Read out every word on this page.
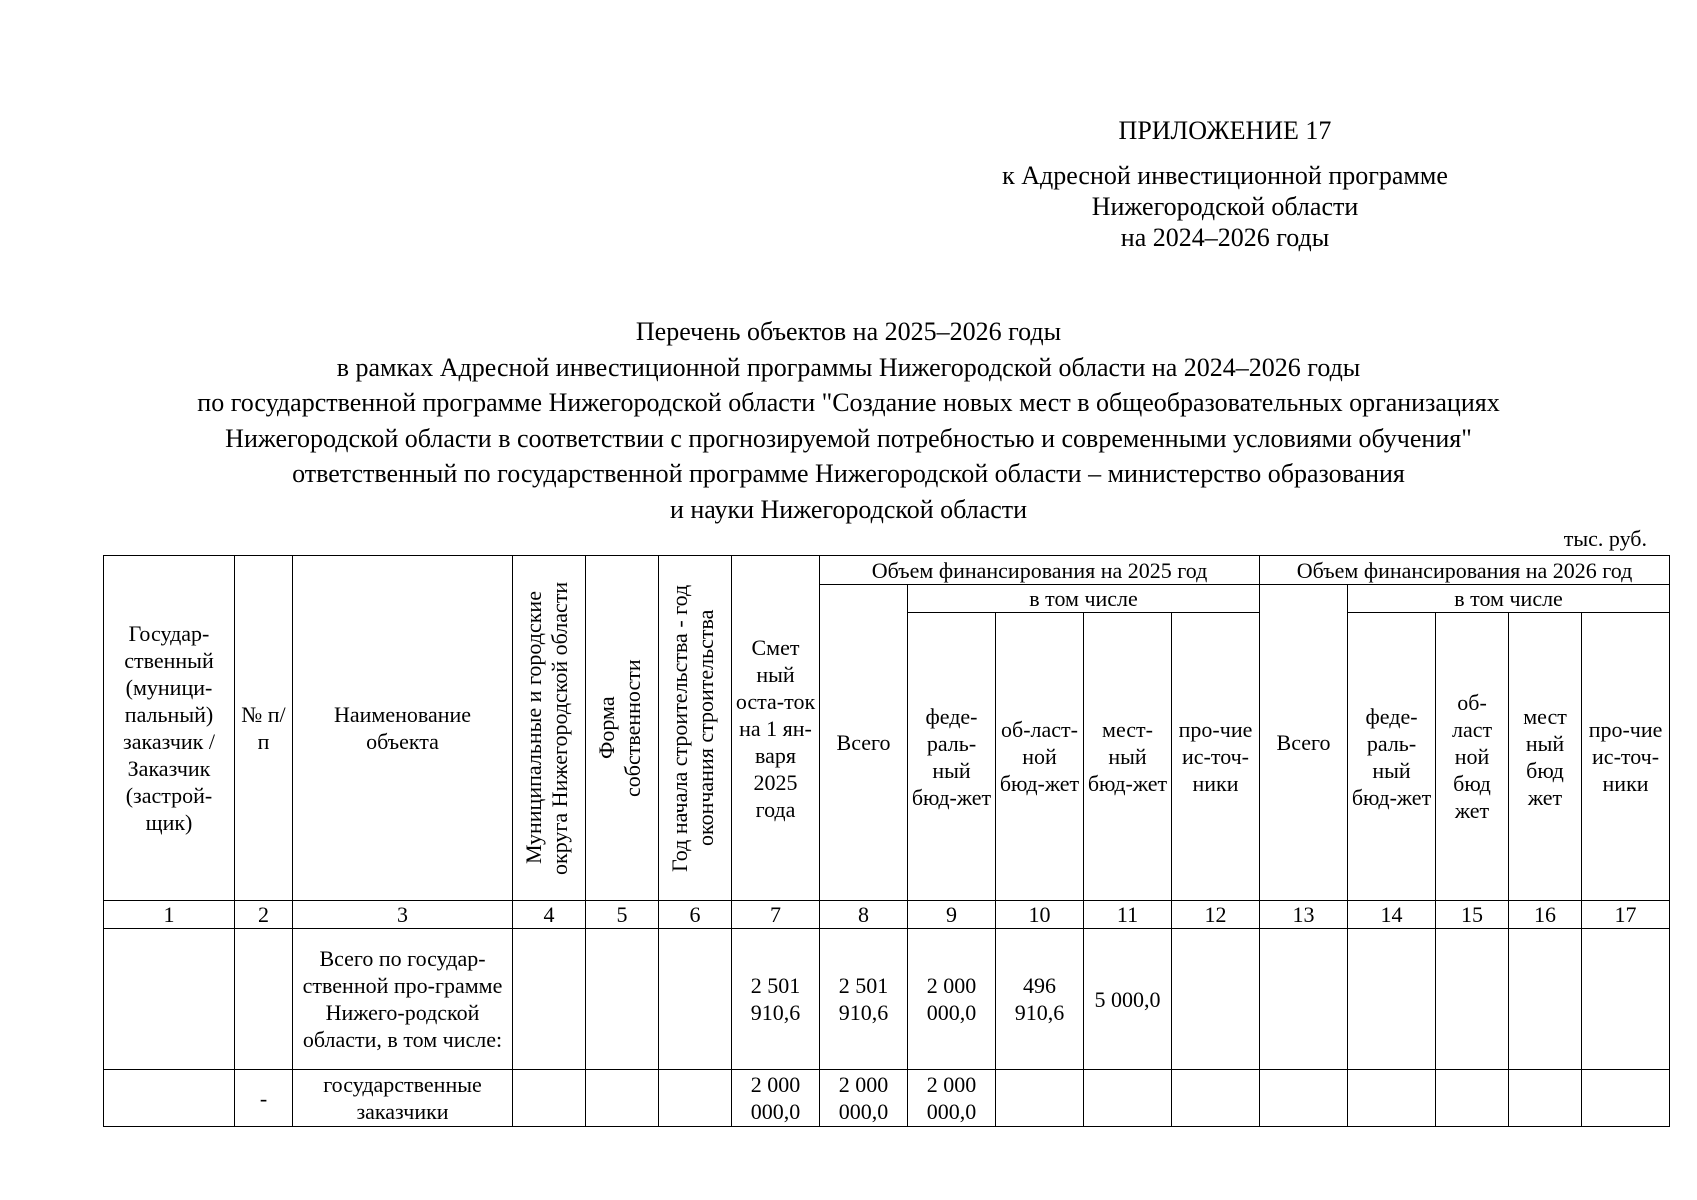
ПРИЛОЖЕНИЕ 17
к Адресной инвестиционной программе
Нижегородской области
на 2024–2026 годы
Перечень объектов на 2025–2026 годы
в рамках Адресной инвестиционной программы Нижегородской области на 2024–2026 годы
по государственной программе Нижегородской области "Создание новых мест в общеобразовательных организациях
Нижегородской области в соответствии с прогнозируемой потребностью и современными условиями обучения"
ответственный по государственной программе Нижегородской области – министерство образования
и науки Нижегородской области
тыс. руб.
Государ-ственный (муници-пальный) заказчик / Заказчик (застрой-щик)	№ п/п	Наименование объекта	Муниципальные и городские округа Нижегородской области	Форма собственности	Год начала строительства - год окончания строительства	Смет ный оста-ток на 1 ян-варя 2025 года	Объем финансирования на 2025 год					Объем финансирования на 2026 год				
							Всего	в том числе				Всего	в том числе			
								феде-раль-ный бюд-жет	об-ласт-ной бюд-жет	мест-ный бюд-жет	про-чие ис-точ-ники		феде-раль-ный бюд-жет	об-ласт ной бюд жет	мест ный бюд жет	про-чие ис-точ-ники
1	2	3	4	5	6	7	8	9	10	11	12	13	14	15	16	17
		Всего по государ-ственной про-грамме Нижего-родской области, в том числе:				2 501 910,6	2 501 910,6	2 000 000,0	496 910,6	5 000,0						
	-	государственные заказчики				2 000 000,0	2 000 000,0	2 000 000,0								
